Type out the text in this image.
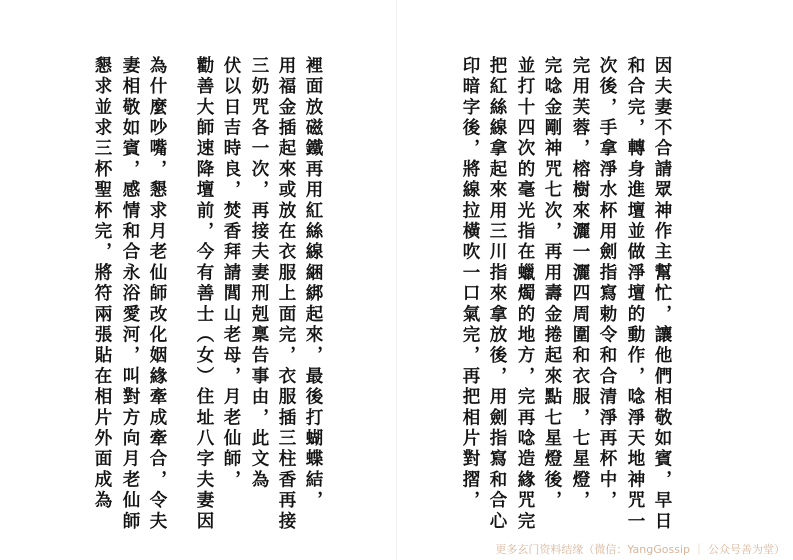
因夫妻不合請眾神作主幫忙，讓他們相敬如賓，早日
和合完，轉身進壇並做淨壇的動作，唸淨天地神咒一
次後，手拿淨水杯用劍指寫勅令和合清淨再杯中，
完用芙蓉，榕樹來灑一灑四周圍和衣服，七星燈，
完唸金剛神咒七次，再用壽金捲起來點七星燈後，
並打十四次的毫光指在蠟燭的地方，完再唸造緣咒完
把紅絲線拿起來用三川指來拿放後，用劍指寫和合心
印暗字後，將線拉橫吹一口氣完，再把相片對摺，
裡面放磁鐵再用紅絲線綑綁起來，最後打蝴蝶結，
用福金插起來或放在衣服上面完，衣服插三柱香再接
三奶咒各一次，再接夫妻刑剋稟告事由，此文為
伏以日吉時良，焚香拜請閭山老母，月老仙師，
勸善大師速降壇前，今有善士（女）住址八字夫妻因
為什麼吵嘴，懇求月老仙師改化姻緣牽成牽合，令夫
妻相敬如賓，感情和合永浴愛河，叫對方向月老仙師
懇求並求三杯聖杯完，將符兩張貼在相片外面成為
更多玄门资料结缘（微信：YangGossip ｜ 公众号善为堂）
